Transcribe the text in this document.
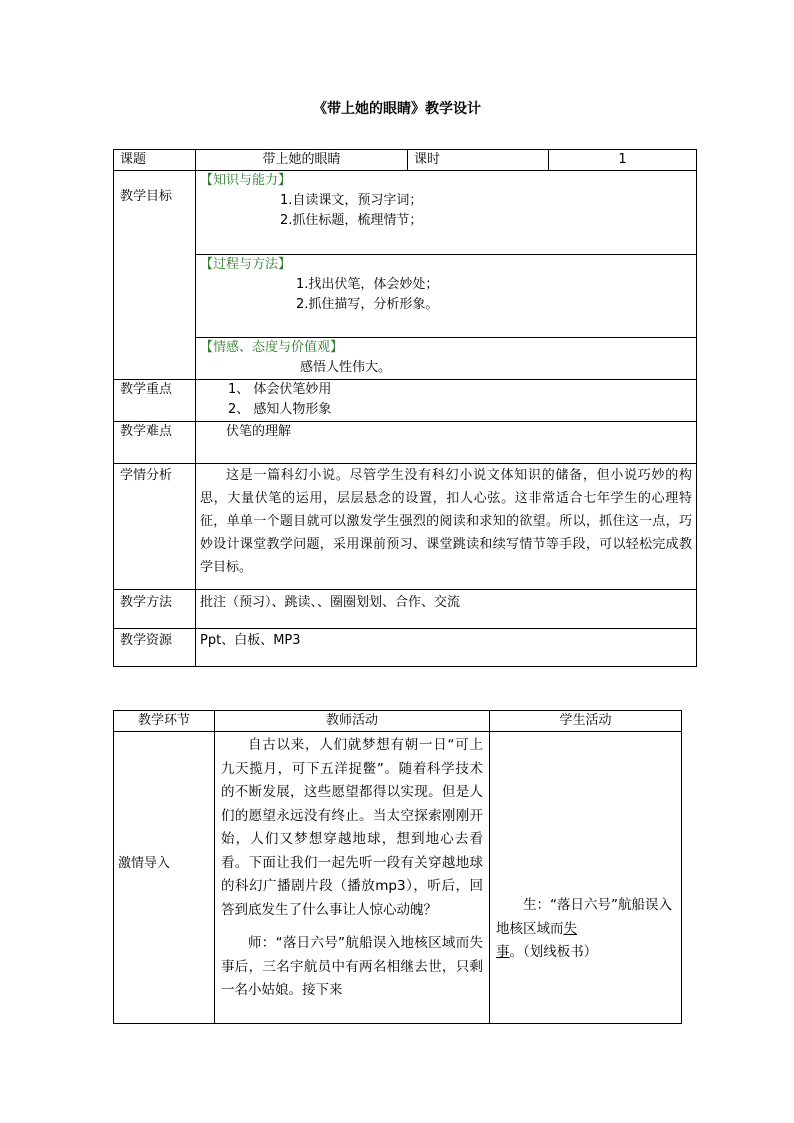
《带上她的眼睛》教学设计
课题	带上她的眼睛	课时	1

教学目标	【知识与能力】
1.自读课文，预习字词；
2.抓住标题，梳理情节；		

	【过程与方法】
1.找出伏笔，体会妙处；
2.抓住描写，分析形象。		

	【情感、态度与价值观】
感悟人性伟大。		

教学重点	1、 体会伏笔妙用
2、 感知人物形象		

教学难点	伏笔的理解		

学情分析	这是一篇科幻小说。尽管学生没有科幻小说文体知识的储备，但小说巧妙的构思，大量伏笔的运用，层层悬念的设置，扣人心弦。这非常适合七年学生的心理特征，单单一个题目就可以激发学生强烈的阅读和求知的欲望。所以，抓住这一点，巧妙设计课堂教学问题，采用课前预习、课堂跳读和续写情节等手段，可以轻松完成教学目标。		

教学方法	批注（预习）、跳读、、圈圈划划、合作、交流		

教学资源	Ppt、白板、MP3		
教学环节	教师活动	学生活动

激情导入	自古以来，人们就梦想有朝一日“可上九天揽月，可下五洋捉鳖”。随着科学技术的不断发展，这些愿望都得以实现。但是人们的愿望永远没有终止。当太空探索刚刚开始，人们又梦想穿越地球，想到地心去看看。下面让我们一起先听一段有关穿越地球的科幻广播剧片段（播放mp3），听后，回答到底发生了什么事让人惊心动魄？
师：“落日六号”航船误入地核区域而失事后，三名宇航员中有两名相继去世，只剩一名小姑娘。接下来	生：“落日六号”航船误入地核区域而失事。（划线板书）
